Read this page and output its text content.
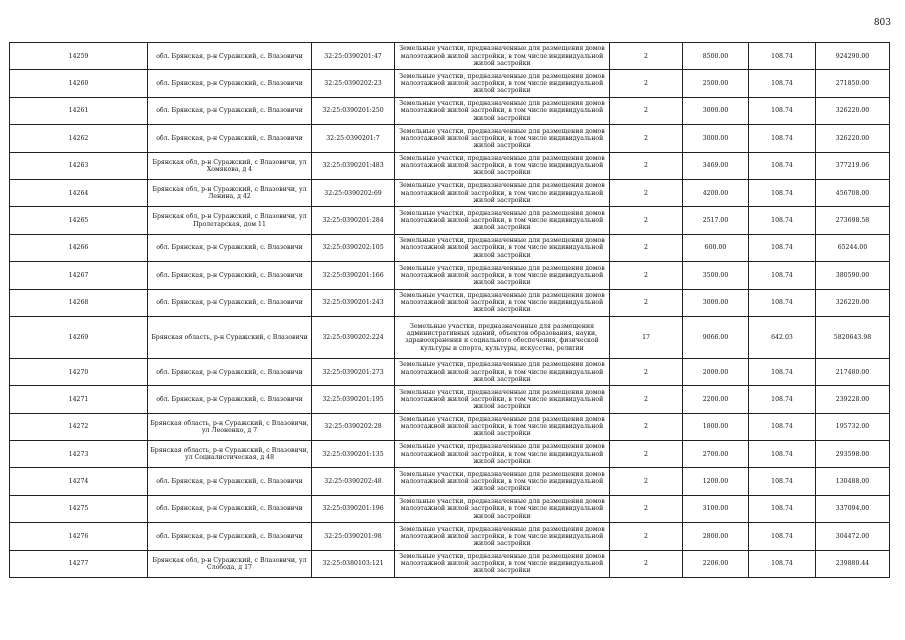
803
14259	обл. Брянская, р-н Суражский, с. Влазовичи	32:25:0390201:47	Земельные участки, предназначенные для размещения домов малоэтажной жилой застройки, в том числе индивидуальной жилой застройки	2	8500.00	108.74	924290.00
14260	обл. Брянская, р-н Суражский, с. Влазовичи	32:25:0390202:23	Земельные участки, предназначенные для размещения домов малоэтажной жилой застройки, в том числе индивидуальной жилой застройки	2	2500.00	108.74	271850.00
14261	обл. Брянская, р-н Суражский, с. Влазовичи	32:25:0390201:250	Земельные участки, предназначенные для размещения домов малоэтажной жилой застройки, в том числе индивидуальной жилой застройки	2	3000.00	108.74	326220.00
14262	обл. Брянская, р-н Суражский, с. Влазовичи	32:25:0390201:7	Земельные участки, предназначенные для размещения домов малоэтажной жилой застройки, в том числе индивидуальной жилой застройки	2	3000.00	108.74	326220.00
14263	Брянская обл, р-н Суражский, с Влазовичи, ул Хомякова, д 4	32:25:0390201:483	Земельные участки, предназначенные для размещения домов малоэтажной жилой застройки, в том числе индивидуальной жилой застройки	2	3469.00	108.74	377219.06
14264	Брянская обл, р-н Суражский, с Влазовичи, ул Ленина, д 42	32:25:0390202:69	Земельные участки, предназначенные для размещения домов малоэтажной жилой застройки, в том числе индивидуальной жилой застройки	2	4200.00	108.74	456708.00
14265	Брянская обл, р-н Суражский, с Влазовичи, ул Пролетарская, дом 11	32:25:0390201:284	Земельные участки, предназначенные для размещения домов малоэтажной жилой застройки, в том числе индивидуальной жилой застройки	2	2517.00	108.74	273698.58
14266	обл. Брянская, р-н Суражский, с. Влазовичи	32:25:0390202:105	Земельные участки, предназначенные для размещения домов малоэтажной жилой застройки, в том числе индивидуальной жилой застройки	2	600.00	108.74	65244.00
14267	обл. Брянская, р-н Суражский, с. Влазовичи	32:25:0390201:166	Земельные участки, предназначенные для размещения домов малоэтажной жилой застройки, в том числе индивидуальной жилой застройки	2	3500.00	108.74	380590.00
14268	обл. Брянская, р-н Суражский, с. Влазовичи	32:25:0390201:243	Земельные участки, предназначенные для размещения домов малоэтажной жилой застройки, в том числе индивидуальной жилой застройки	2	3000.00	108.74	326220.00
14269	Брянская область, р-н Суражский, с Влазовичи	32:25:0390202:224	Земельные участки, предназначенные для размещения административных зданий, объектов образования, науки, здравоохранения и социального обеспечения, физической культуры и спорта, культуры, искусства, религии	17	9066.00	642.03	5820643.98
14270	обл. Брянская, р-н Суражский, с. Влазовичи	32:25:0390201:273	Земельные участки, предназначенные для размещения домов малоэтажной жилой застройки, в том числе индивидуальной жилой застройки	2	2000.00	108.74	217480.00
14271	обл. Брянская, р-н Суражский, с. Влазовичи	32:25:0390201:195	Земельные участки, предназначенные для размещения домов малоэтажной жилой застройки, в том числе индивидуальной жилой застройки	2	2200.00	108.74	239228.00
14272	Брянская область, р-н Суражский, с Влазовичи, ул Леоненко, д 7	32:25:0390202:28	Земельные участки, предназначенные для размещения домов малоэтажной жилой застройки, в том числе индивидуальной жилой застройки	2	1800.00	108.74	195732.00
14273	Брянская область, р-н Суражский, с Влазовичи, ул Социалистическая, д 48	32:25:0390201:135	Земельные участки, предназначенные для размещения домов малоэтажной жилой застройки, в том числе индивидуальной жилой застройки	2	2700.00	108.74	293598.00
14274	обл. Брянская, р-н Суражский, с. Влазовичи	32:25:0390202:48	Земельные участки, предназначенные для размещения домов малоэтажной жилой застройки, в том числе индивидуальной жилой застройки	2	1200.00	108.74	130488.00
14275	обл. Брянская, р-н Суражский, с. Влазовичи	32:25:0390201:196	Земельные участки, предназначенные для размещения домов малоэтажной жилой застройки, в том числе индивидуальной жилой застройки	2	3100.00	108.74	337094.00
14276	обл. Брянская, р-н Суражский, с. Влазовичи	32:25:0390201:98	Земельные участки, предназначенные для размещения домов малоэтажной жилой застройки, в том числе индивидуальной жилой застройки	2	2800.00	108.74	304472.00
14277	Брянская обл, р-н Суражский, с Влазовичи, ул Слобода, д 17	32:25:0380103:121	Земельные участки, предназначенные для размещения домов малоэтажной жилой застройки, в том числе индивидуальной жилой застройки	2	2206.00	108.74	239880.44
